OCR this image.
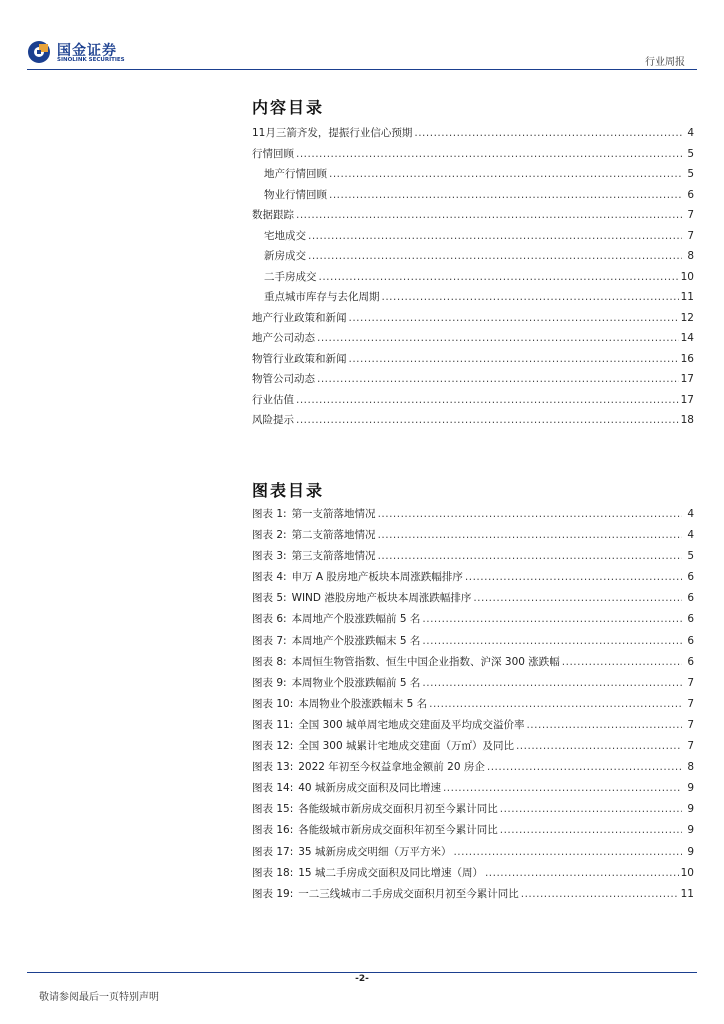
国金证券
SINOLINK SECURITIES	行业周报
内容目录
11月三箭齐发，提振行业信心预期 .....	4
行情回顾 .....	5
地产行情回顾 .....	5
物业行情回顾 .....	6
数据跟踪 .....	7
宅地成交 .....	7
新房成交 .....	8
二手房成交 .....	10
重点城市库存与去化周期 .....	11
地产行业政策和新闻 .....	12
地产公司动态 .....	14
物管行业政策和新闻 .....	16
物管公司动态 .....	17
行业估值 .....	17
风险提示 .....	18
图表目录
图表 1: 第一支箭落地情况 .....	4
图表 2: 第二支箭落地情况 .....	4
图表 3: 第三支箭落地情况 .....	5
图表 4: 申万 A 股房地产板块本周涨跌幅排序 .....	6
图表 5: WIND 港股房地产板块本周涨跌幅排序 .....	6
图表 6: 本周地产个股涨跌幅前 5 名 .....	6
图表 7: 本周地产个股涨跌幅末 5 名 .....	6
图表 8: 本周恒生物管指数、恒生中国企业指数、沪深 300 涨跌幅 .....	6
图表 9: 本周物业个股涨跌幅前 5 名 .....	7
图表 10: 本周物业个股涨跌幅末 5 名 .....	7
图表 11: 全国 300 城单周宅地成交建面及平均成交溢价率 .....	7
图表 12: 全国 300 城累计宅地成交建面（万㎡）及同比 .....	7
图表 13: 2022 年初至今权益拿地金额前 20 房企 .....	8
图表 14: 40 城新房成交面积及同比增速 .....	9
图表 15: 各能级城市新房成交面积月初至今累计同比 .....	9
图表 16: 各能级城市新房成交面积年初至今累计同比 .....	9
图表 17: 35 城新房成交明细（万平方米） .....	9
图表 18: 15 城二手房成交面积及同比增速（周） .....	10
图表 19: 一二三线城市二手房成交面积月初至今累计同比 .....	11
-2-
敬请参阅最后一页特别声明
